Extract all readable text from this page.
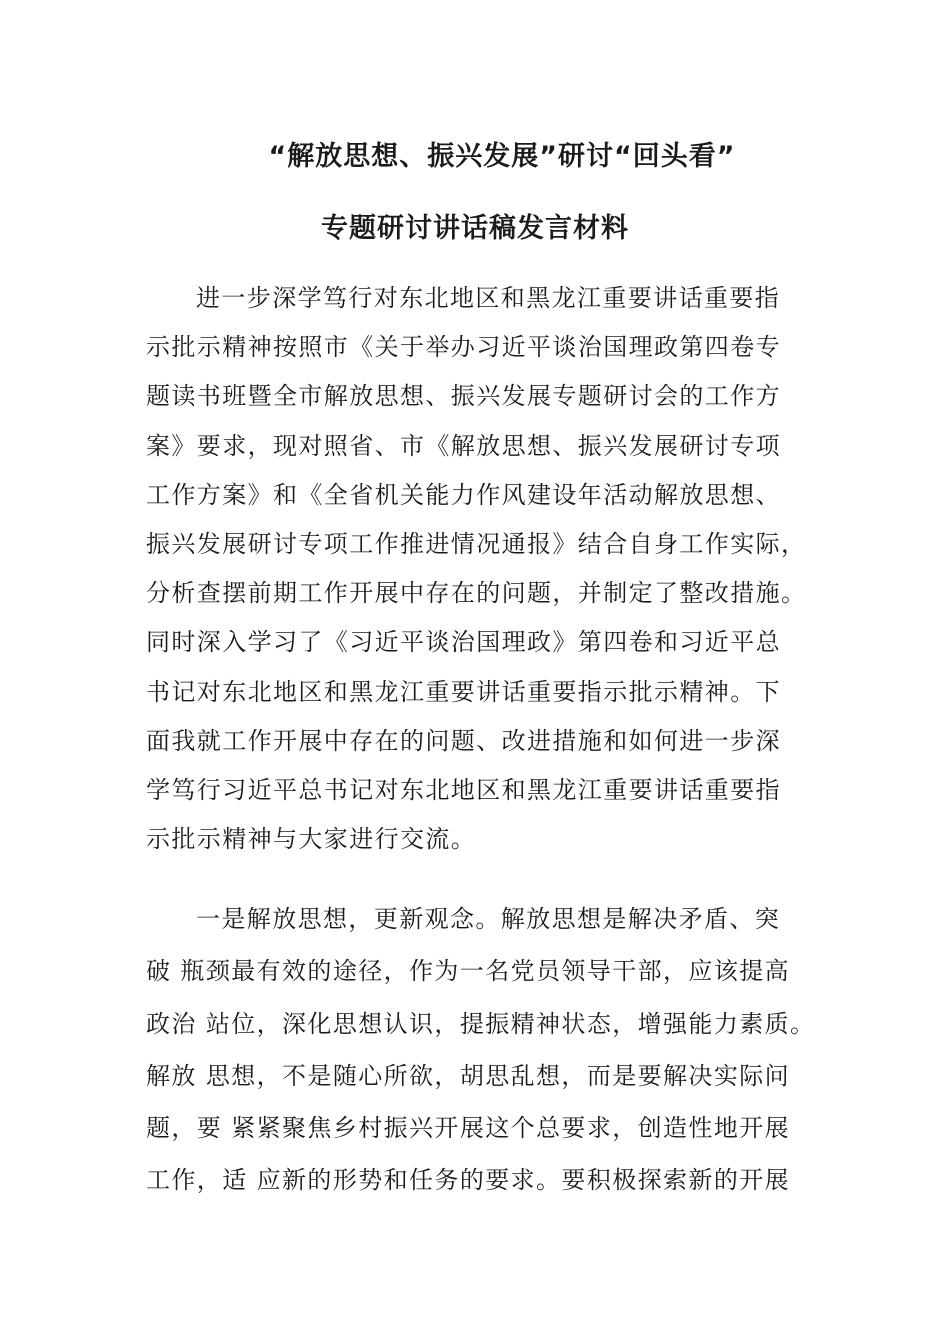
“解放思想、振兴发展”研讨“回头看”
专题研讨讲话稿发言材料
进一步深学笃行对东北地区和黑龙江重要讲话重要指
示批示精神按照市《关于举办习近平谈治国理政第四卷专
题读书班暨全市解放思想、振兴发展专题研讨会的工作方
案》要求，现对照省、市《解放思想、振兴发展研讨专项
工作方案》和《全省机关能力作风建设年活动解放思想、
振兴发展研讨专项工作推进情况通报》结合自身工作实际，
分析查摆前期工作开展中存在的问题，并制定了整改措施。
同时深入学习了《习近平谈治国理政》第四卷和习近平总
书记对东北地区和黑龙江重要讲话重要指示批示精神。下
面我就工作开展中存在的问题、改进措施和如何进一步深
学笃行习近平总书记对东北地区和黑龙江重要讲话重要指
示批示精神与大家进行交流。
一是解放思想，更新观念。解放思想是解决矛盾、突
破 瓶颈最有效的途径，作为一名党员领导干部，应该提高
政治 站位，深化思想认识，提振精神状态，增强能力素质。
解放 思想，不是随心所欲，胡思乱想，而是要解决实际问
题，要 紧紧聚焦乡村振兴开展这个总要求，创造性地开展
工作，适 应新的形势和任务的要求。要积极探索新的开展
